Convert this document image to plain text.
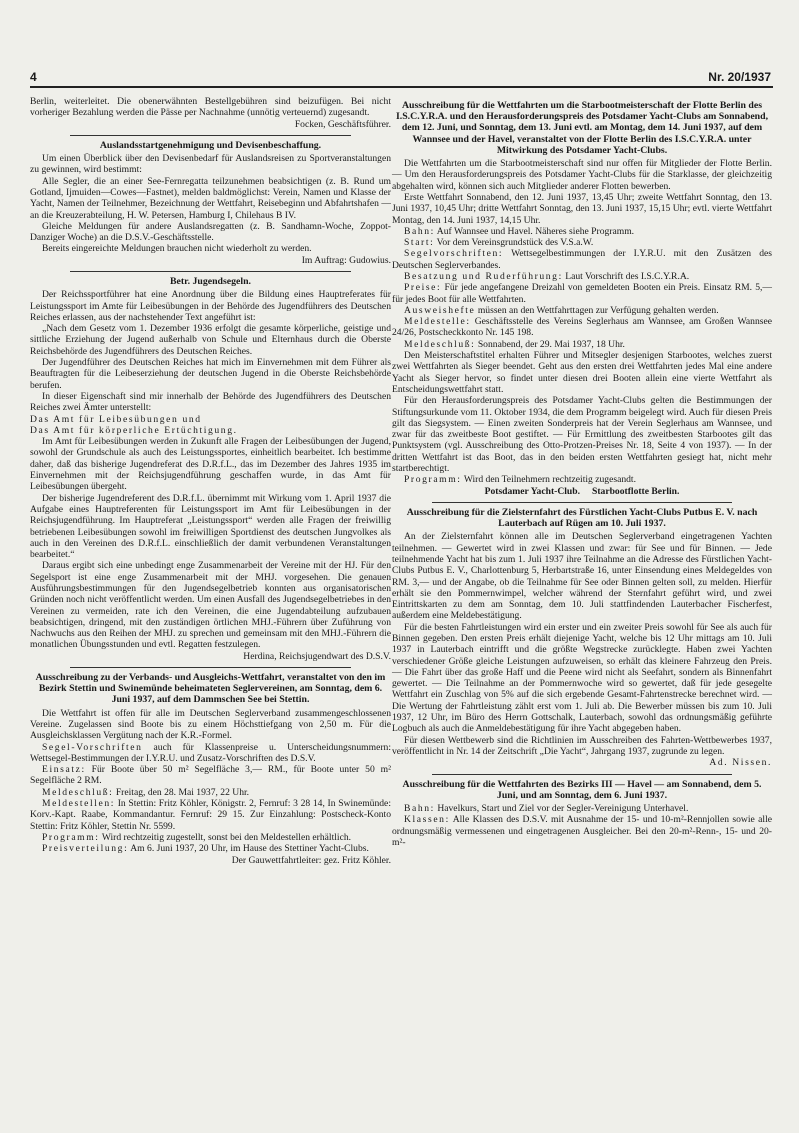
4	Nr. 20/1937

Berlin, weiterleitet. Die obenerwähnten Bestellgebühren sind beizufügen. Bei nicht vorheriger Bezahlung werden die Pässe per Nachnahme (unnötig verteuernd) zugesandt.

Focken, Geschäftsführer.

Auslandsstartgenehmigung und Devisenbeschaffung.

Um einen Überblick über den Devisenbedarf für Auslandsreisen zu Sportveranstaltungen zu gewinnen, wird bestimmt:

Alle Segler, die an einer See-Fernregatta teilzunehmen beabsichtigen (z. B. Rund um Gotland, Ijmuiden—Cowes—Fastnet), melden baldmöglichst: Verein, Namen und Klasse der Yacht, Namen der Teilnehmer, Bezeichnung der Wettfahrt, Reisebeginn und Abfahrtshafen — an die Kreuzerabteilung, H. W. Petersen, Hamburg I, Chilehaus B IV.

Gleiche Meldungen für andere Auslandsregatten (z. B. Sandhamn-Woche, Zoppot-Danziger Woche) an die D.S.V.-Geschäftsstelle.

Bereits eingereichte Meldungen brauchen nicht wiederholt zu werden.

Im Auftrag: Gudowius.

Betr. Jugendsegeln.

Der Reichssportführer hat eine Anordnung über die Bildung eines Hauptreferates für Leistungssport im Amte für Leibesübungen in der Behörde des Jugendführers des Deutschen Reiches erlassen, aus der nachstehender Text angeführt ist:

„Nach dem Gesetz vom 1. Dezember 1936 erfolgt die gesamte körperliche, geistige und sittliche Erziehung der Jugend außerhalb von Schule und Elternhaus durch die Oberste Reichsbehörde des Jugendführers des Deutschen Reiches.

Der Jugendführer des Deutschen Reiches hat mich im Einvernehmen mit dem Führer als Beauftragten für die Leibeserziehung der deutschen Jugend in die Oberste Reichsbehörde berufen.

In dieser Eigenschaft sind mir innerhalb der Behörde des Jugendführers des Deutschen Reiches zwei Ämter unterstellt:

Das Amt für Leibesübungen und

Das Amt für körperliche Ertüchtigung.

Im Amt für Leibesübungen werden in Zukunft alle Fragen der Leibesübungen der Jugend, sowohl der Grundschule als auch des Leistungssportes, einheitlich bearbeitet. Ich bestimme daher, daß das bisherige Jugendreferat des D.R.f.L., das im Dezember des Jahres 1935 im Einvernehmen mit der Reichsjugendführung geschaffen wurde, in das Amt für Leibesübungen übergeht.

Der bisherige Jugendreferent des D.R.f.L. übernimmt mit Wirkung vom 1. April 1937 die Aufgabe eines Hauptreferenten für Leistungssport im Amt für Leibesübungen in der Reichsjugendführung. Im Hauptreferat „Leistungssport“ werden alle Fragen der freiwillig betriebenen Leibesübungen sowohl im freiwilligen Sportdienst des deutschen Jungvolkes als auch in den Vereinen des D.R.f.L. einschließlich der damit verbundenen Veranstaltungen bearbeitet.“

Daraus ergibt sich eine unbedingt enge Zusammenarbeit der Vereine mit der HJ. Für den Segelsport ist eine enge Zusammenarbeit mit der MHJ. vorgesehen. Die genauen Ausführungsbestimmungen für den Jugendsegelbetrieb konnten aus organisatorischen Gründen noch nicht veröffentlicht werden. Um einen Ausfall des Jugendsegelbetriebes in den Vereinen zu vermeiden, rate ich den Vereinen, die eine Jugendabteilung aufzubauen beabsichtigen, dringend, mit den zuständigen örtlichen MHJ.-Führern über Zuführung von Nachwuchs aus den Reihen der MHJ. zu sprechen und gemeinsam mit den MHJ.-Führern die monatlichen Übungsstunden und evtl. Regatten festzulegen.

Herdina, Reichsjugendwart des D.S.V.

Ausschreibung zu der Verbands- und Ausgleichs-Wettfahrt, veranstaltet von den im Bezirk Stettin und Swinemünde beheimateten Seglervereinen, am Sonntag, dem 6. Juni 1937, auf dem Dammschen See bei Stettin.

Die Wettfahrt ist offen für alle im Deutschen Seglerverband zusammengeschlossenen Vereine. Zugelassen sind Boote bis zu einem Höchsttiefgang von 2,50 m. Für die Ausgleichsklassen Vergütung nach der K.R.-Formel.

Segel-Vorschriften auch für Klassenpreise u. Unterscheidungsnummern: Wettsegel-Bestimmungen der I.Y.R.U. und Zusatz-Vorschriften des D.S.V.

Einsatz: Für Boote über 50 m² Segelfläche 3,— RM., für Boote unter 50 m² Segelfläche 2 RM.

Meldeschluß: Freitag, den 28. Mai 1937, 22 Uhr.

Meldestellen: In Stettin: Fritz Köhler, Königstr. 2, Fernruf: 3 28 14, In Swinemünde: Korv.-Kapt. Raabe, Kommandantur. Fernruf: 29 15. Zur Einzahlung: Postscheck-Konto Stettin: Fritz Köhler, Stettin Nr. 5599.

Programm: Wird rechtzeitig zugestellt, sonst bei den Meldestellen erhältlich.

Preisverteilung: Am 6. Juni 1937, 20 Uhr, im Hause des Stettiner Yacht-Clubs.

Der Gauwettfahrtleiter: gez. Fritz Köhler.

Ausschreibung für die Wettfahrten um die Starbootmeisterschaft der Flotte Berlin des I.S.C.Y.R.A. und den Herausforderungspreis des Potsdamer Yacht-Clubs am Sonnabend, dem 12. Juni, und Sonntag, dem 13. Juni evtl. am Montag, dem 14. Juni 1937, auf dem Wannsee und der Havel, veranstaltet von der Flotte Berlin des I.S.C.Y.R.A. unter Mitwirkung des Potsdamer Yacht-Clubs.

Die Wettfahrten um die Starbootmeisterschaft sind nur offen für Mitglieder der Flotte Berlin. — Um den Herausforderungspreis des Potsdamer Yacht-Clubs für die Starklasse, der gleichzeitig abgehalten wird, können sich auch Mitglieder anderer Flotten bewerben.

Erste Wettfahrt Sonnabend, den 12. Juni 1937, 13,45 Uhr; zweite Wettfahrt Sonntag, den 13. Juni 1937, 10,45 Uhr; dritte Wettfahrt Sonntag, den 13. Juni 1937, 15,15 Uhr; evtl. vierte Wettfahrt Montag, den 14. Juni 1937, 14,15 Uhr.

Bahn: Auf Wannsee und Havel. Näheres siehe Programm.

Start: Vor dem Vereinsgrundstück des V.S.a.W.

Segelvorschriften: Wettsegelbestimmungen der I.Y.R.U. mit den Zusätzen des Deutschen Seglerverbandes.

Besatzung und Ruderführung: Laut Vorschrift des I.S.C.Y.R.A.

Preise: Für jede angefangene Dreizahl von gemeldeten Booten ein Preis. Einsatz RM. 5,— für jedes Boot für alle Wettfahrten.

Ausweishefte müssen an den Wettfahrttagen zur Verfügung gehalten werden.

Meldestelle: Geschäftsstelle des Vereins Seglerhaus am Wannsee, am Großen Wannsee 24/26, Postscheckkonto Nr. 145 198.

Meldeschluß: Sonnabend, der 29. Mai 1937, 18 Uhr.

Den Meisterschaftstitel erhalten Führer und Mitsegler desjenigen Starbootes, welches zuerst zwei Wettfahrten als Sieger beendet. Geht aus den ersten drei Wettfahrten jedes Mal eine andere Yacht als Sieger hervor, so findet unter diesen drei Booten allein eine vierte Wettfahrt als Entscheidungswettfahrt statt.

Für den Herausforderungspreis des Potsdamer Yacht-Clubs gelten die Bestimmungen der Stiftungsurkunde vom 11. Oktober 1934, die dem Programm beigelegt wird. Auch für diesen Preis gilt das Siegsystem. — Einen zweiten Sonderpreis hat der Verein Seglerhaus am Wannsee, und zwar für das zweitbeste Boot gestiftet. — Für Ermittlung des zweitbesten Starbootes gilt das Punktsystem (vgl. Ausschreibung des Otto-Protzen-Preises Nr. 18, Seite 4 von 1937). — In der dritten Wettfahrt ist das Boot, das in den beiden ersten Wettfahrten gesiegt hat, nicht mehr startberechtigt.

Programm: Wird den Teilnehmern rechtzeitig zugesandt.

Potsdamer Yacht-Club. Starbootflotte Berlin.

Ausschreibung für die Zielsternfahrt des Fürstlichen Yacht-Clubs Putbus E. V. nach Lauterbach auf Rügen am 10. Juli 1937.

An der Zielsternfahrt können alle im Deutschen Seglerverband eingetragenen Yachten teilnehmen. — Gewertet wird in zwei Klassen und zwar: für See und für Binnen. — Jede teilnehmende Yacht hat bis zum 1. Juli 1937 ihre Teilnahme an die Adresse des Fürstlichen Yacht-Clubs Putbus E. V., Charlottenburg 5, Herbartstraße 16, unter Einsendung eines Meldegeldes von RM. 3,— und der Angabe, ob die Teilnahme für See oder Binnen gelten soll, zu melden. Hierfür erhält sie den Pommernwimpel, welcher während der Sternfahrt geführt wird, und zwei Eintrittskarten zu dem am Sonntag, dem 10. Juli stattfindenden Lauterbacher Fischerfest, außerdem eine Meldebestätigung.

Für die besten Fahrtleistungen wird ein erster und ein zweiter Preis sowohl für See als auch für Binnen gegeben. Den ersten Preis erhält diejenige Yacht, welche bis 12 Uhr mittags am 10. Juli 1937 in Lauterbach eintrifft und die größte Wegstrecke zurücklegte. Haben zwei Yachten verschiedener Größe gleiche Leistungen aufzuweisen, so erhält das kleinere Fahrzeug den Preis. — Die Fahrt über das große Haff und die Peene wird nicht als Seefahrt, sondern als Binnenfahrt gewertet. — Die Teilnahme an der Pommernwoche wird so gewertet, daß für jede gesegelte Wettfahrt ein Zuschlag von 5% auf die sich ergebende Gesamt-Fahrtenstrecke berechnet wird. — Die Wertung der Fahrtleistung zählt erst vom 1. Juli ab. Die Bewerber müssen bis zum 10. Juli 1937, 12 Uhr, im Büro des Herrn Gottschalk, Lauterbach, sowohl das ordnungsmäßig geführte Logbuch als auch die Anmeldebestätigung für ihre Yacht abgegeben haben.

Für diesen Wettbewerb sind die Richtlinien im Ausschreiben des Fahrten-Wettbewerbes 1937, veröffentlicht in Nr. 14 der Zeitschrift „Die Yacht“, Jahrgang 1937, zugrunde zu legen.

Ad. Nissen.

Ausschreibung für die Wettfahrten des Bezirks III — Havel — am Sonnabend, dem 5. Juni, und am Sonntag, dem 6. Juni 1937.

Bahn: Havelkurs, Start und Ziel vor der Segler-Vereinigung Unterhavel.

Klassen: Alle Klassen des D.S.V. mit Ausnahme der 15- und 10-m²-Rennjollen sowie alle ordnungsmäßig vermessenen und eingetragenen Ausgleicher. Bei den 20-m²-Renn-, 15- und 20-m²-
